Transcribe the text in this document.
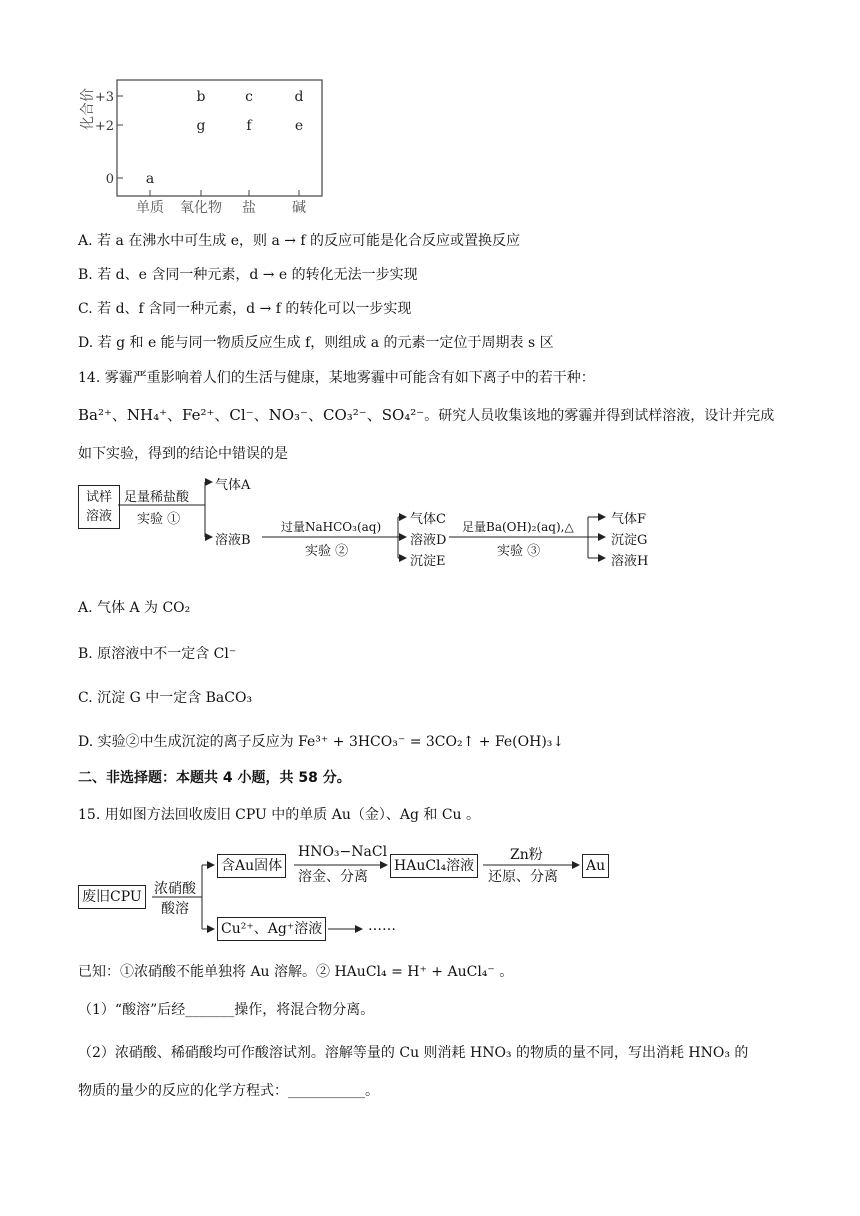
化合价
+3
+2
0
单质 氧化物 盐	碱
a
b
g
c
f
d
e
A. 若 a 在沸水中可生成 e，则 a → f 的反应可能是化合反应或置换反应
B. 若 d、e 含同一种元素，d → e 的转化无法一步实现
C. 若 d、f 含同一种元素，d → f 的转化可以一步实现
D. 若 g 和 e 能与同一物质反应生成 f，则组成 a 的元素一定位于周期表 s 区
14. 雾霾严重影响着人们的生活与健康，某地雾霾中可能含有如下离子中的若干种：
Ba²⁺、NH₄⁺、Fe²⁺、Cl⁻、NO₃⁻、CO₃²⁻、SO₄²⁻。研究人员收集该地的雾霾并得到试样溶液，设计并完成
如下实验，得到的结论中错误的是
试样
溶液
足量稀盐酸
实验 ①
气体A
溶液B
过量NaHCO₃(aq)
实验 ②
气体C
溶液D
沉淀E
足量Ba(OH)₂(aq),△
实验 ③
气体F
沉淀G
溶液H
A. 气体 A 为 CO₂
B. 原溶液中不一定含 Cl⁻
C. 沉淀 G 中一定含 BaCO₃
D. 实验②中生成沉淀的离子反应为 Fe³⁺ + 3HCO₃⁻ = 3CO₂↑ + Fe(OH)₃↓
二、非选择题：本题共 4 小题，共 58 分。
15. 用如图方法回收废旧 CPU 中的单质 Au（金）、Ag 和 Cu 。
废旧CPU 浓硝酸
酸溶
含Au固体
HNO₃−NaCl
溶金、分离
HAuCl₄溶液
Zn粉
还原、分离
Au
Cu²⁺、Ag⁺溶液	……
已知：①浓硝酸不能单独将 Au 溶解。② HAuCl₄ = H⁺ + AuCl₄⁻ 。
（1）“酸溶”后经_______操作，将混合物分离。
（2）浓硝酸、稀硝酸均可作酸溶试剂。溶解等量的 Cu 则消耗 HNO₃ 的物质的量不同，写出消耗 HNO₃ 的
物质的量少的反应的化学方程式：___________。
